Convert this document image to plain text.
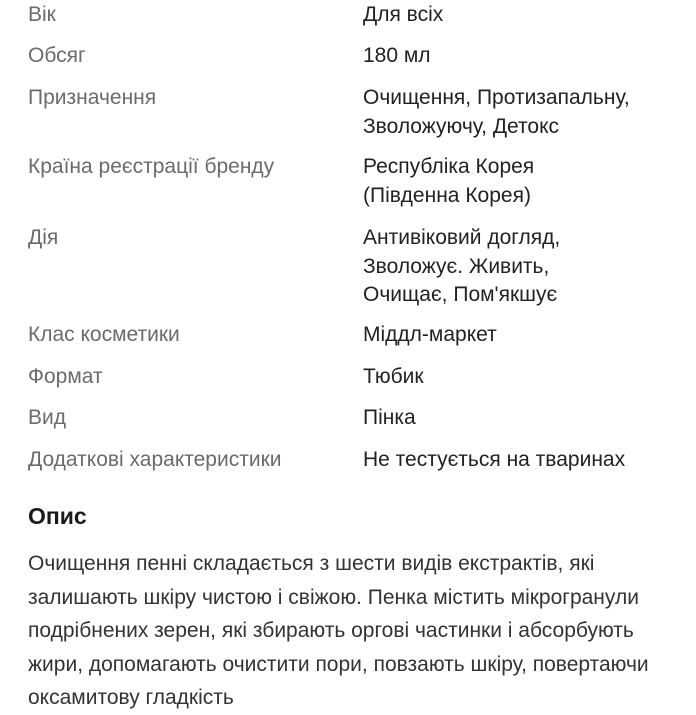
Вік	Для всіх
Обсяг	180 мл
Призначення	Очищення, Протизапальну,
Зволожуючу, Детокс
Країна реєстрації бренду	Республіка Корея
(Південна Корея)
Дія	Антивіковий догляд,
Зволожує. Живить,
Очищає, Пом'якшує
Клас косметики	Міддл-маркет
Формат	Тюбик
Вид	Пінка
Додаткові характеристики	Не тестується на тваринах
Опис
Очищення пенні складається з шести видів екстрактів, які залишають шкіру чистою і свіжою. Пенка містить мікрогранули подрібнених зерен, які збирають оргові частинки і абсорбують жири, допомагають очистити пори, повзають шкіру, повертаючи оксамитову гладкість
